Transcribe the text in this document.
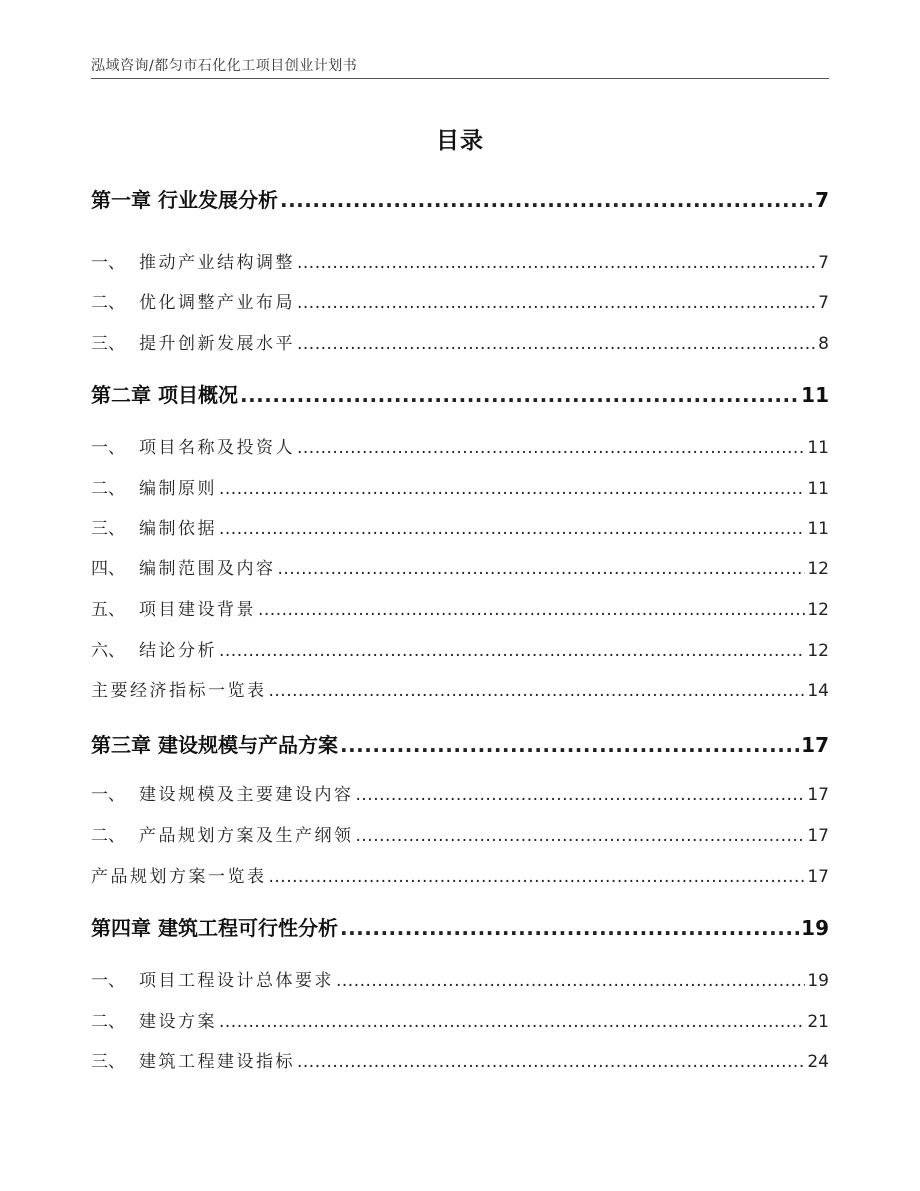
泓域咨询/都匀市石化化工项目创业计划书
目录
第一章 行业发展分析 .....	7
一、 推动产业结构调整 .....	7
二、 优化调整产业布局 .....	7
三、 提升创新发展水平 .....	8
第二章 项目概况 .....	11
一、 项目名称及投资人 .....	11
二、 编制原则 .....	11
三、 编制依据 .....	11
四、 编制范围及内容 .....	12
五、 项目建设背景 .....	12
六、 结论分析 .....	12
主要经济指标一览表 .....	14
第三章 建设规模与产品方案 .....	17
一、 建设规模及主要建设内容 .....	17
二、 产品规划方案及生产纲领 .....	17
产品规划方案一览表 .....	17
第四章 建筑工程可行性分析 .....	19
一、 项目工程设计总体要求 .....	19
二、 建设方案 .....	21
三、 建筑工程建设指标 .....	24
